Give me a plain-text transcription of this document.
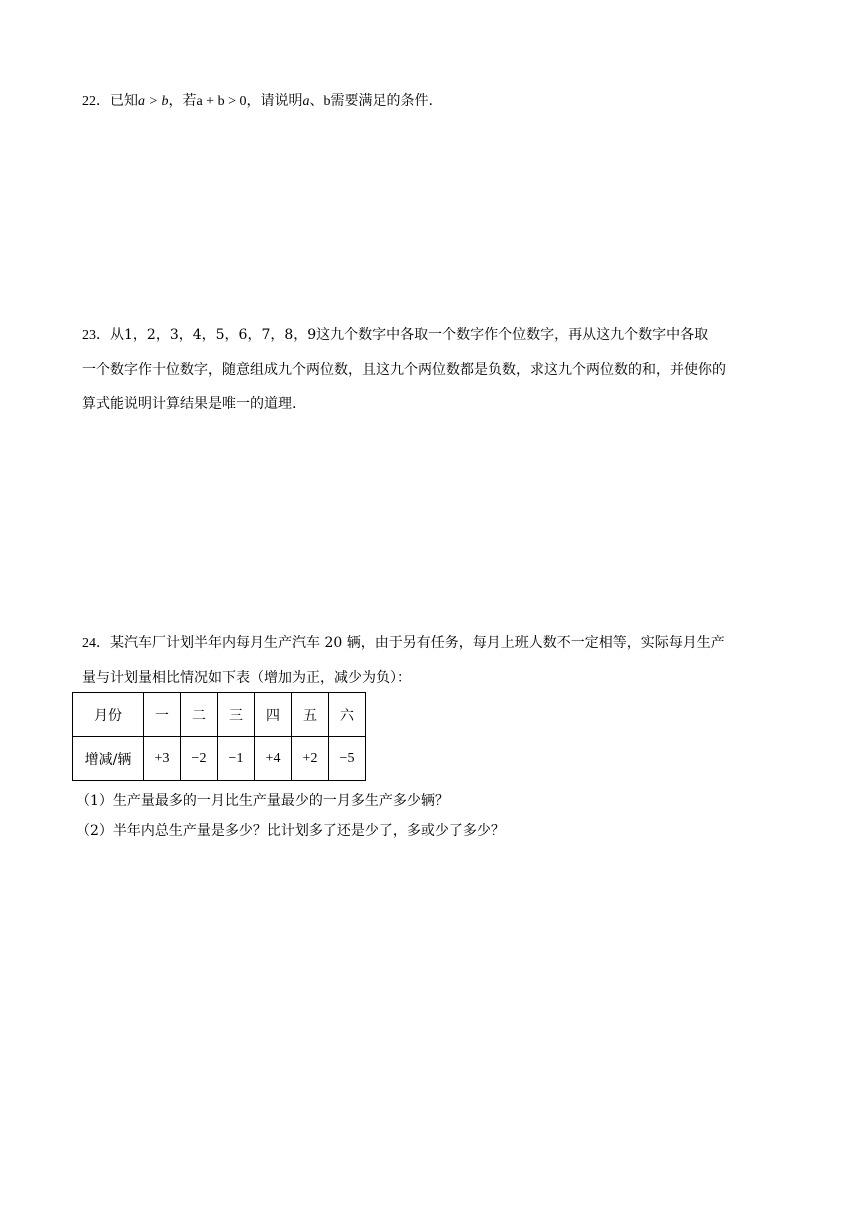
22．已知a > b，若a + b > 0，请说明a、b需要满足的条件.
23．从1，2，3，4，5，6，7，8，9这九个数字中各取一个数字作个位数字，再从这九个数字中各取
一个数字作十位数字，随意组成九个两位数，且这九个两位数都是负数，求这九个两位数的和，并使你的
算式能说明计算结果是唯一的道理.
24．某汽车厂计划半年内每月生产汽车 20 辆，由于另有任务，每月上班人数不一定相等，实际每月生产
量与计划量相比情况如下表（增加为正，减少为负）：
月份	一	二	三	四	五	六
增减/辆	+3	−2	−1	+4	+2	−5
（1）生产量最多的一月比生产量最少的一月多生产多少辆？
（2）半年内总生产量是多少？比计划多了还是少了，多或少了多少？
